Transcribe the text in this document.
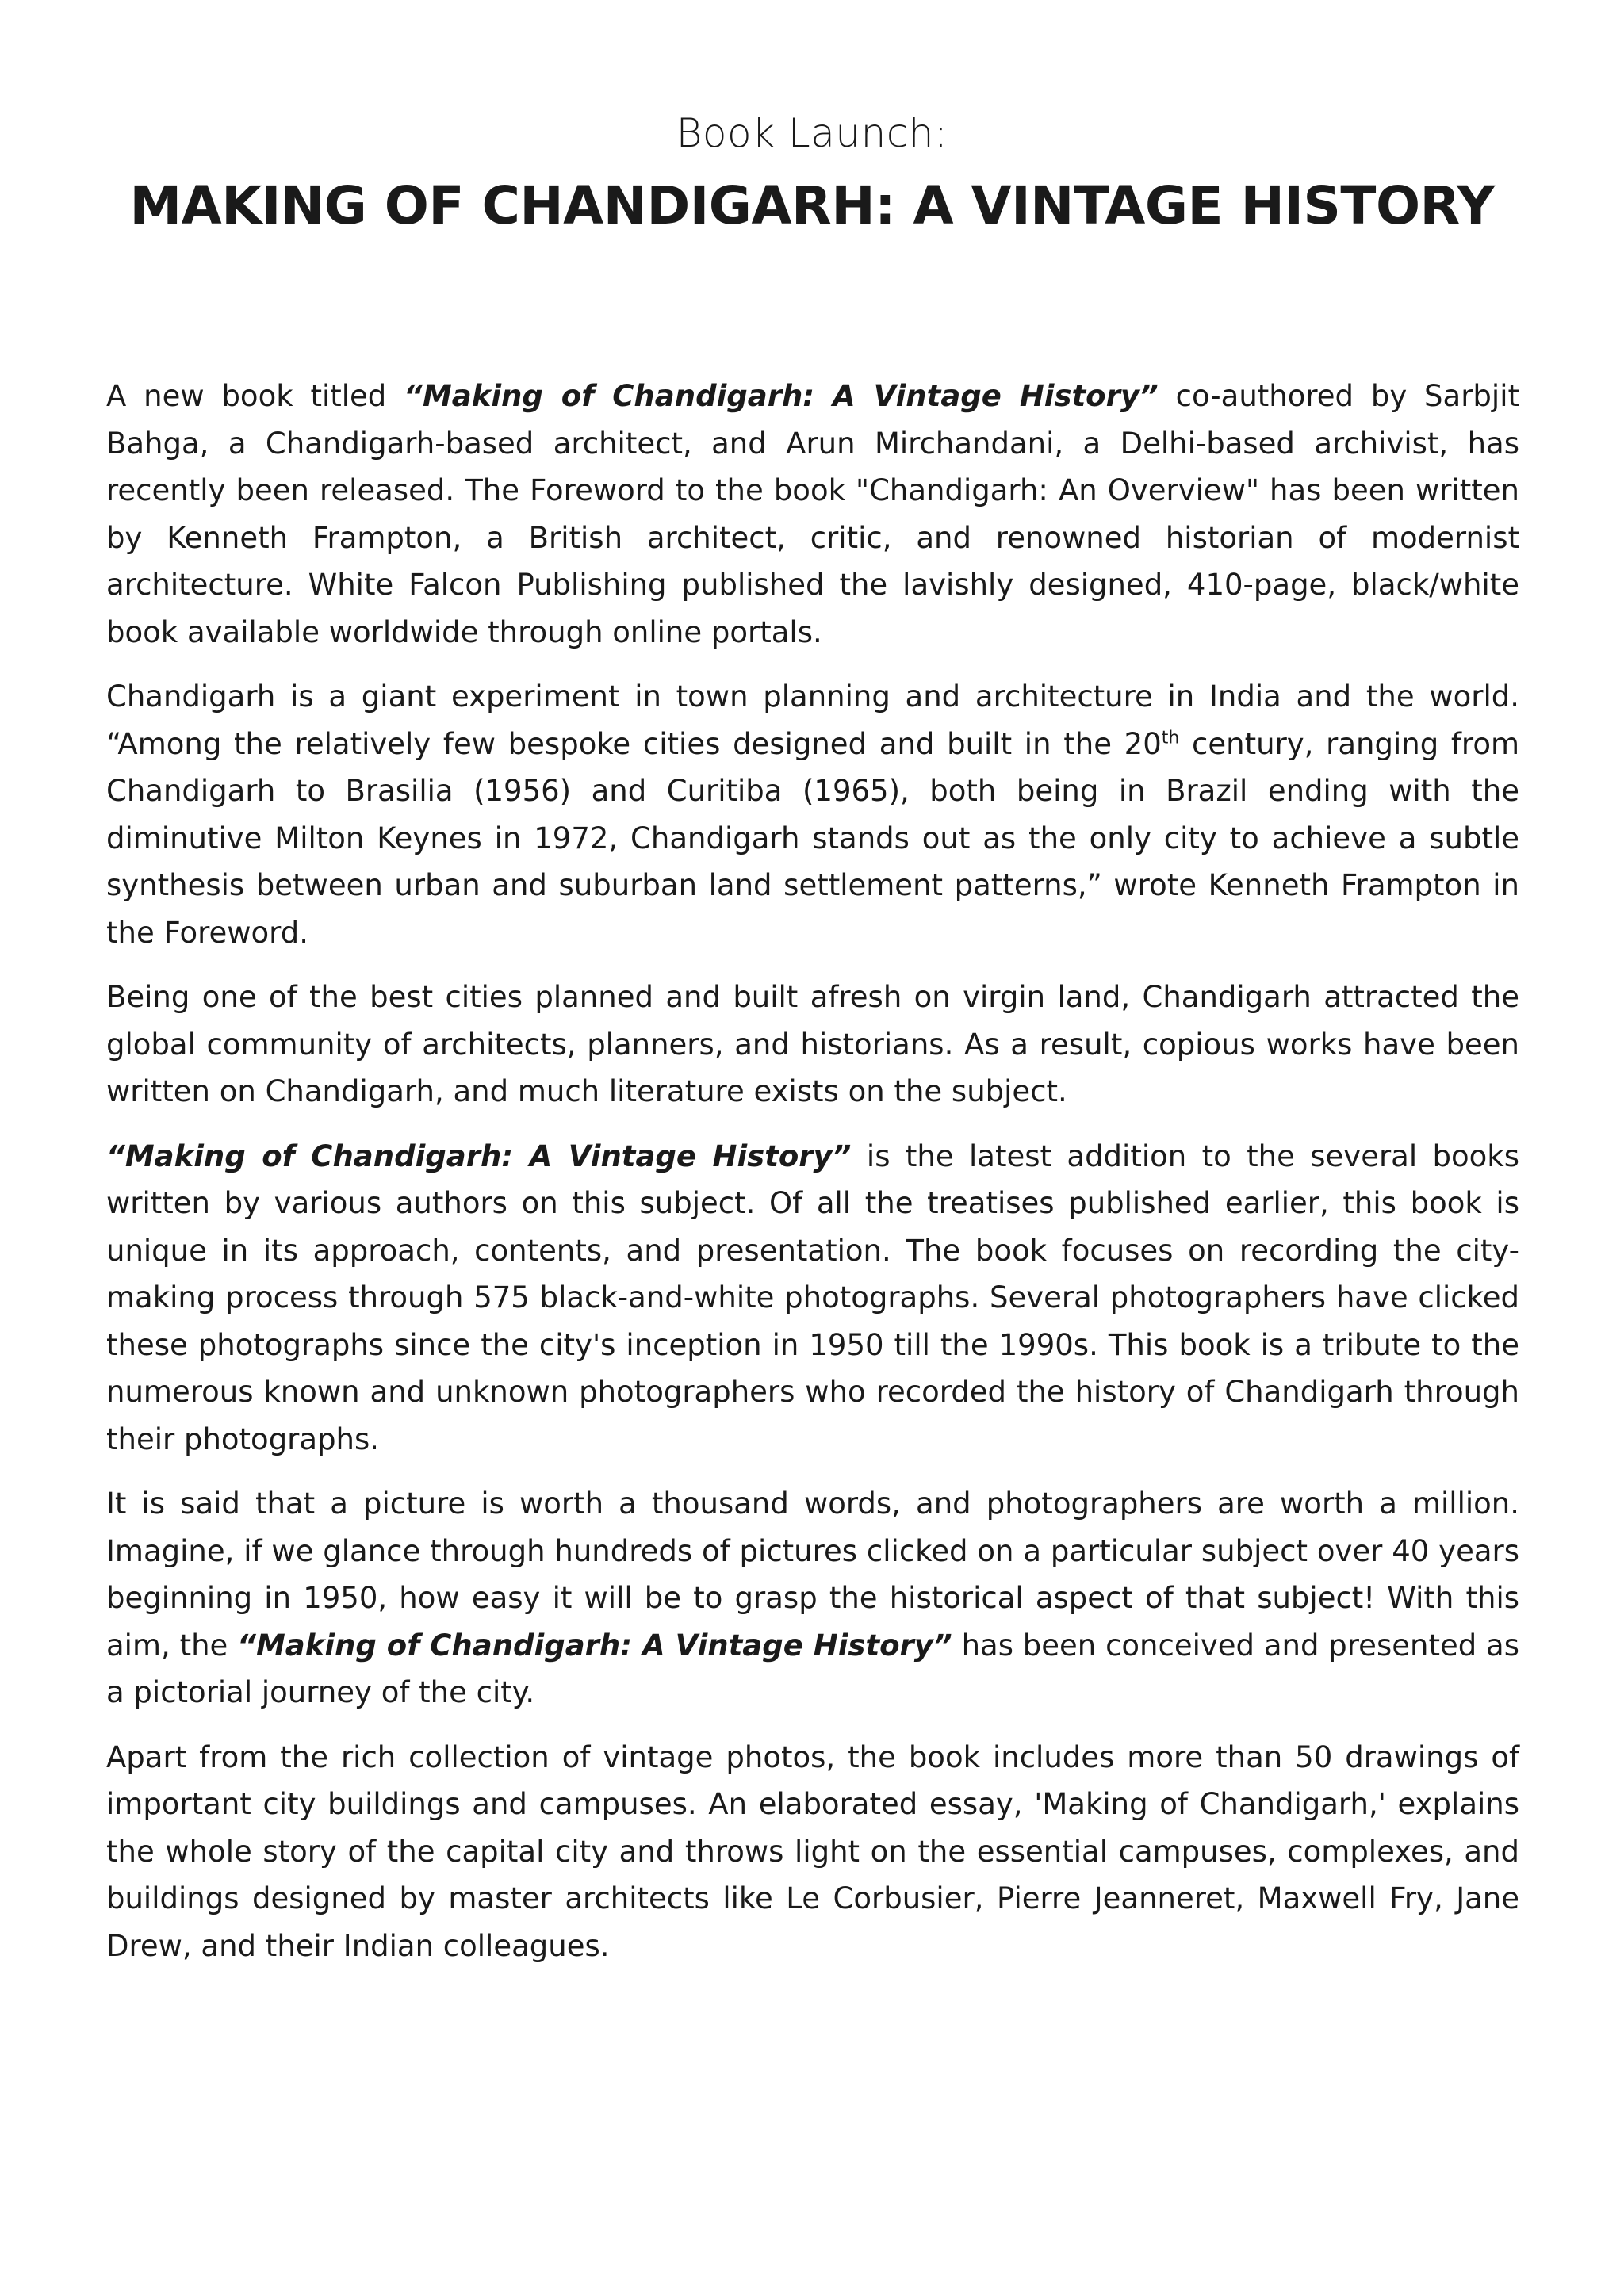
Book Launch:
MAKING OF CHANDIGARH: A VINTAGE HISTORY

A new book titled “Making of Chandigarh: A Vintage History” co-authored by Sarbjit Bahga, a Chandigarh-based architect, and Arun Mirchandani, a Delhi-based archivist, has recently been released. The Foreword to the book "Chandigarh: An Overview" has been written by Kenneth Frampton, a British architect, critic, and renowned historian of modernist architecture. White Falcon Publishing published the lavishly designed, 410-page, black/white book available worldwide through online portals.

Chandigarh is a giant experiment in town planning and architecture in India and the world. “Among the relatively few bespoke cities designed and built in the 20th century, ranging from Chandigarh to Brasilia (1956) and Curitiba (1965), both being in Brazil ending with the diminutive Milton Keynes in 1972, Chandigarh stands out as the only city to achieve a subtle synthesis between urban and suburban land settlement patterns,” wrote Kenneth Frampton in the Foreword.

Being one of the best cities planned and built afresh on virgin land, Chandigarh attracted the global community of architects, planners, and historians. As a result, copious works have been written on Chandigarh, and much literature exists on the subject.

“Making of Chandigarh: A Vintage History” is the latest addition to the several books written by various authors on this subject. Of all the treatises published earlier, this book is unique in its approach, contents, and presentation. The book focuses on recording the city-making process through 575 black-and-white photographs. Several photographers have clicked these photographs since the city's inception in 1950 till the 1990s. This book is a tribute to the numerous known and unknown photographers who recorded the history of Chandigarh through their photographs.

It is said that a picture is worth a thousand words, and photographers are worth a million. Imagine, if we glance through hundreds of pictures clicked on a particular subject over 40 years beginning in 1950, how easy it will be to grasp the historical aspect of that subject! With this aim, the “Making of Chandigarh: A Vintage History” has been conceived and presented as a pictorial journey of the city.

Apart from the rich collection of vintage photos, the book includes more than 50 drawings of important city buildings and campuses. An elaborated essay, 'Making of Chandigarh,' explains the whole story of the capital city and throws light on the essential campuses, complexes, and buildings designed by master architects like Le Corbusier, Pierre Jeanneret, Maxwell Fry, Jane Drew, and their Indian colleagues.
